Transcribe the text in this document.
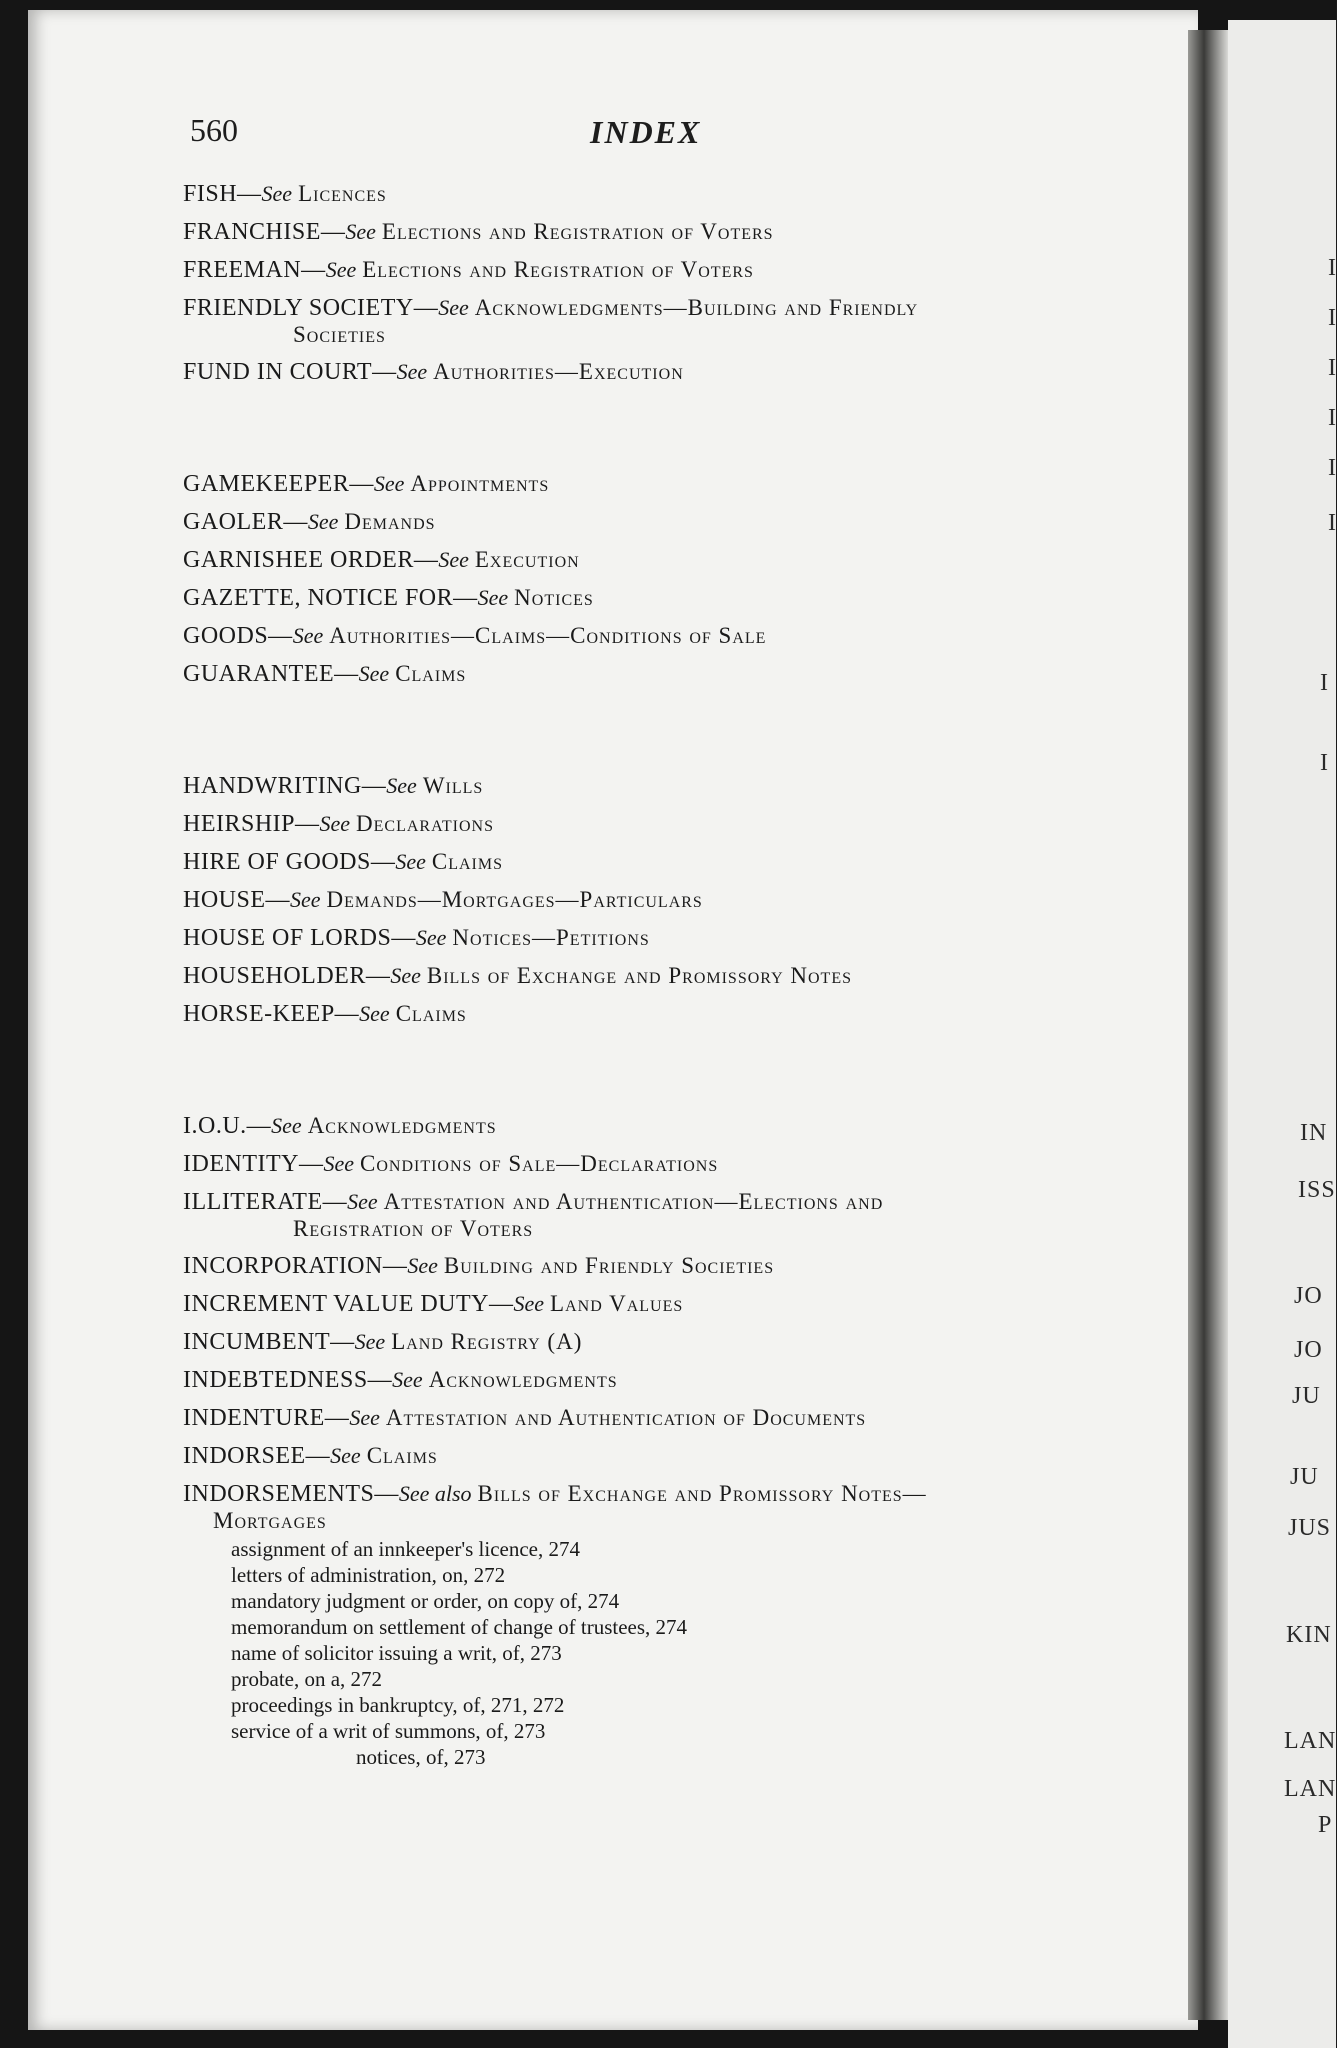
560	INDEX
FISH—See Licences
FRANCHISE—See Elections and Registration of Voters
FREEMAN—See Elections and Registration of Voters
FRIENDLY SOCIETY—See Acknowledgments—Building and Friendly
Societies
FUND IN COURT—See Authorities—Execution
GAMEKEEPER—See Appointments
GAOLER—See Demands
GARNISHEE ORDER—See Execution
GAZETTE, NOTICE FOR—See Notices
GOODS—See Authorities—Claims—Conditions of Sale
GUARANTEE—See Claims
HANDWRITING—See Wills
HEIRSHIP—See Declarations
HIRE OF GOODS—See Claims
HOUSE—See Demands—Mortgages—Particulars
HOUSE OF LORDS—See Notices—Petitions
HOUSEHOLDER—See Bills of Exchange and Promissory Notes
HORSE-KEEP—See Claims
I.O.U.—See Acknowledgments
IDENTITY—See Conditions of Sale—Declarations
ILLITERATE—See Attestation and Authentication—Elections and
Registration of Voters
INCORPORATION—See Building and Friendly Societies
INCREMENT VALUE DUTY—See Land Values
INCUMBENT—See Land Registry (A)
INDEBTEDNESS—See Acknowledgments
INDENTURE—See Attestation and Authentication of Documents
INDORSEE—See Claims
INDORSEMENTS—See also Bills of Exchange and Promissory Notes—
Mortgages
assignment of an innkeeper's licence, 274
letters of administration, on, 272
mandatory judgment or order, on copy of, 274
memorandum on settlement of change of trustees, 274
name of solicitor issuing a writ, of, 273
probate, on a, 272
proceedings in bankruptcy, of, 271, 272
service of a writ of summons, of, 273
notices, of, 273
I
I
I
I
I
I
I
I
IN
ISS
JO
JO
JU
JU
JUS
KIN
LAN
LAN
P
